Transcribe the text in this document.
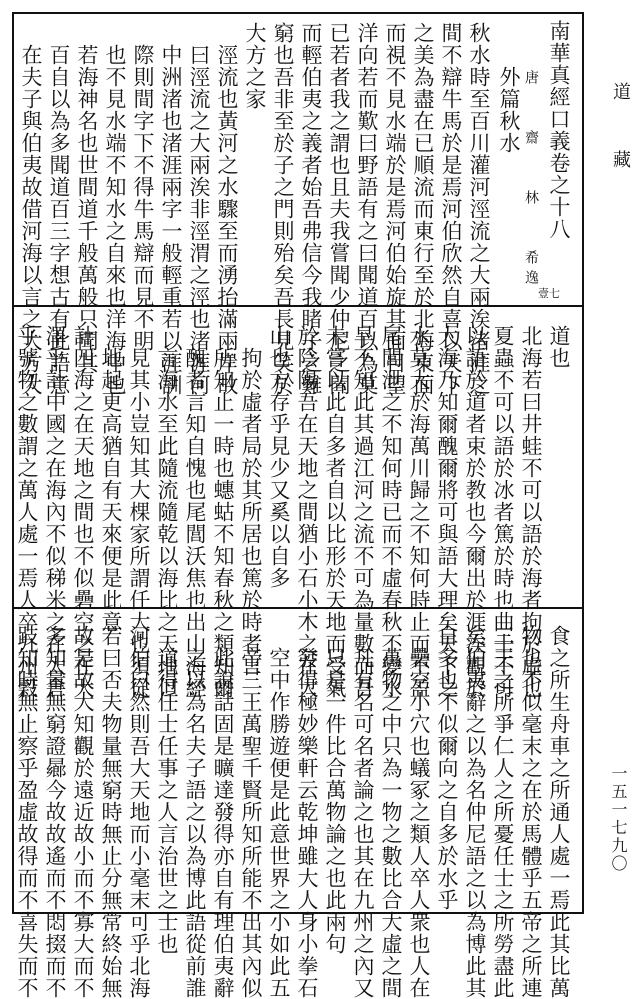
道
藏
一五一七九〇
壹七
南華真經口義卷之十八
唐　　齋　　林　　希逸
外篇秋水
秋水時至百川灌河涇流之大兩涘渚涯之
間不辯牛馬於是焉河伯欣然自喜以天下
之美為盡在已順流而東行至於北海東面
而視不見水端於是焉河伯始旋其面目望
洋向若而歎曰野語有之曰聞道百以為莫
已若者我之謂也且夫我嘗聞少仲尼之聞
而輕伯夷之義者始吾弗信今我睹子之難
窮也吾非至於子之門則殆矣吾長見笑於
大方之家
涇流也黃河之水驟至而湧抬滿兩岸故
曰涇流之大兩涘非涇渭之涇也渚涯河
中洲渚也渚涯兩字一般輕重若以涯訓
際則間字下不得牛馬辯而見不明
也不見水端不知水之自來也洋海中也
若海神名也世間道千般萬般只聞其
百自以為多聞道百三字想古有此語意
在夫子與伯夷故借河海以言之大方大	道也
北海若曰井蛙不可以語於海者拘於虛也
夏蟲不可以語於冰者篤於時也曲士不可
以語於道者束於教也今爾出於涯涘觀於
大海乃知爾醜爾將可與語大理矣天下之
水莫大於海萬川歸之不知何時止而不盈
尾閭泄之不知何時已而不虛春秋不變水
旱不知此其過江河之流不可為量數而吾
未嘗以此自多者自以比形於天地而受氣
於陰陽吾在天地之間猶小石小木之在大
山也方存乎見少又奚以自多
拘於虛者局於其所居也篤於時者言
所知止一時也蟪蛄不知春秋之類知爾
醜者言知自愧也尾閭沃焦也出山海經
言海水至此隨流隨乾以海比之天地但
見其小豈知其大棵家所謂任大也須從
地起更高猶自有天來便是此意
計四海之在天地之間也不似礨空之在大
澤乎計中國之在海內不似稊米之在太倉
乎號物之數謂之萬人處一焉人卒九州穀
食之所生舟車之所通人處一焉此其比萬
物也不似毫末之在於馬體乎五帝之所連
三王之所爭仁人之所憂任士之所勞盡此
矣伯夷辭之以為名仲尼語之以為博此其
自多也不似爾向之自多於水乎
礨空小穴也蟻冢之類人卒人衆也人在
萬物之中只為一物之數比合大虛之間
凡有名可名者論之也其在九州之內又
只是一件比合萬物論之也此兩句
發得極妙樂軒云乾坤雖大人身小拳石
空中作勝遊便是此意世界之小如此五
帝三王萬聖千賢所知所能不出其內似
此說話固是曠達發得亦自有理伯夷辭
之以為名夫子語之以為博此語從前誰
道得任士任事之人言治世之士也
河伯曰然則吾大天地而小毫末可乎北海
若曰否夫物量無窮時無止分無常終始無
故是故大知觀於遠近故小而不寡大而不
多知量無窮證曏今故故遙而不悶掇而不
跂知時無止察乎盈虛故得而不喜失而不
